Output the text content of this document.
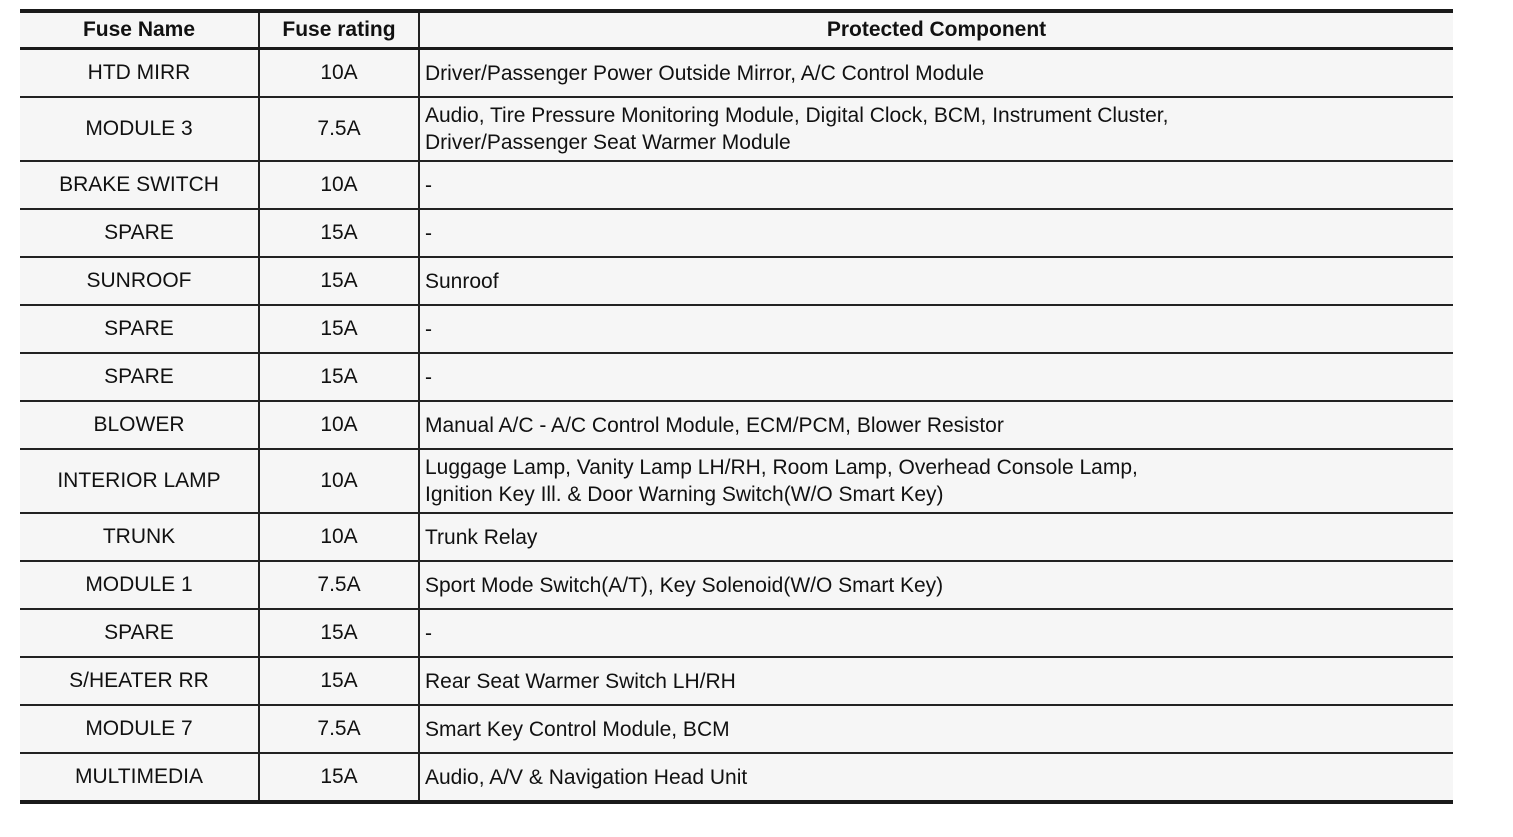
Fuse Name	Fuse rating	Protected Component
HTD MIRR	10A	Driver/Passenger Power Outside Mirror, A/C Control Module

MODULE 3	7.5A	Audio, Tire Pressure Monitoring Module, Digital Clock, BCM, Instrument Cluster,
Driver/Passenger Seat Warmer Module

BRAKE SWITCH	10A	-

SPARE	15A	-

SUNROOF	15A	Sunroof

SPARE	15A	-

SPARE	15A	-

BLOWER	10A	Manual A/C - A/C Control Module, ECM/PCM, Blower Resistor

INTERIOR LAMP	10A	Luggage Lamp, Vanity Lamp LH/RH, Room Lamp, Overhead Console Lamp,
Ignition Key Ill. & Door Warning Switch(W/O Smart Key)

TRUNK	10A	Trunk Relay

MODULE 1	7.5A	Sport Mode Switch(A/T), Key Solenoid(W/O Smart Key)

SPARE	15A	-

S/HEATER RR	15A	Rear Seat Warmer Switch LH/RH

MODULE 7	7.5A	Smart Key Control Module, BCM

MULTIMEDIA	15A	Audio, A/V & Navigation Head Unit
